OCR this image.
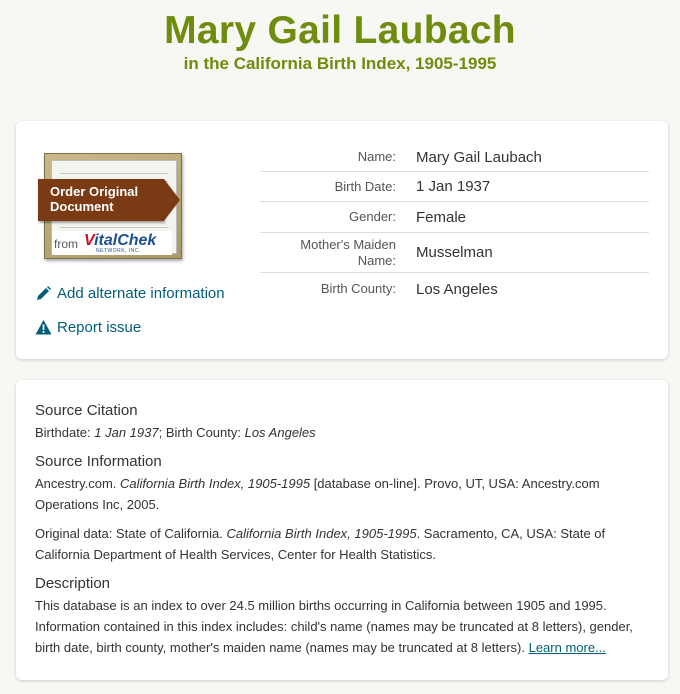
Mary Gail Laubach
in the California Birth Index, 1905-1995
Order Original
Document
from VitalChek
NETWORK, INC.
Add alternate information
Report issue
Name:	Mary Gail Laubach
Birth Date:	1 Jan 1937
Gender:	Female
Mother's Maiden Name:	Musselman
Birth County:	Los Angeles
Source Citation
Birthdate: 1 Jan 1937; Birth County: Los Angeles
Source Information
Ancestry.com. California Birth Index, 1905-1995 [database on-line]. Provo, UT, USA: Ancestry.com Operations Inc, 2005.
Original data: State of California. California Birth Index, 1905-1995. Sacramento, CA, USA: State of California Department of Health Services, Center for Health Statistics.
Description
This database is an index to over 24.5 million births occurring in California between 1905 and 1995. Information contained in this index includes: child's name (names may be truncated at 8 letters), gender, birth date, birth county, mother's maiden name (names may be truncated at 8 letters). Learn more...
